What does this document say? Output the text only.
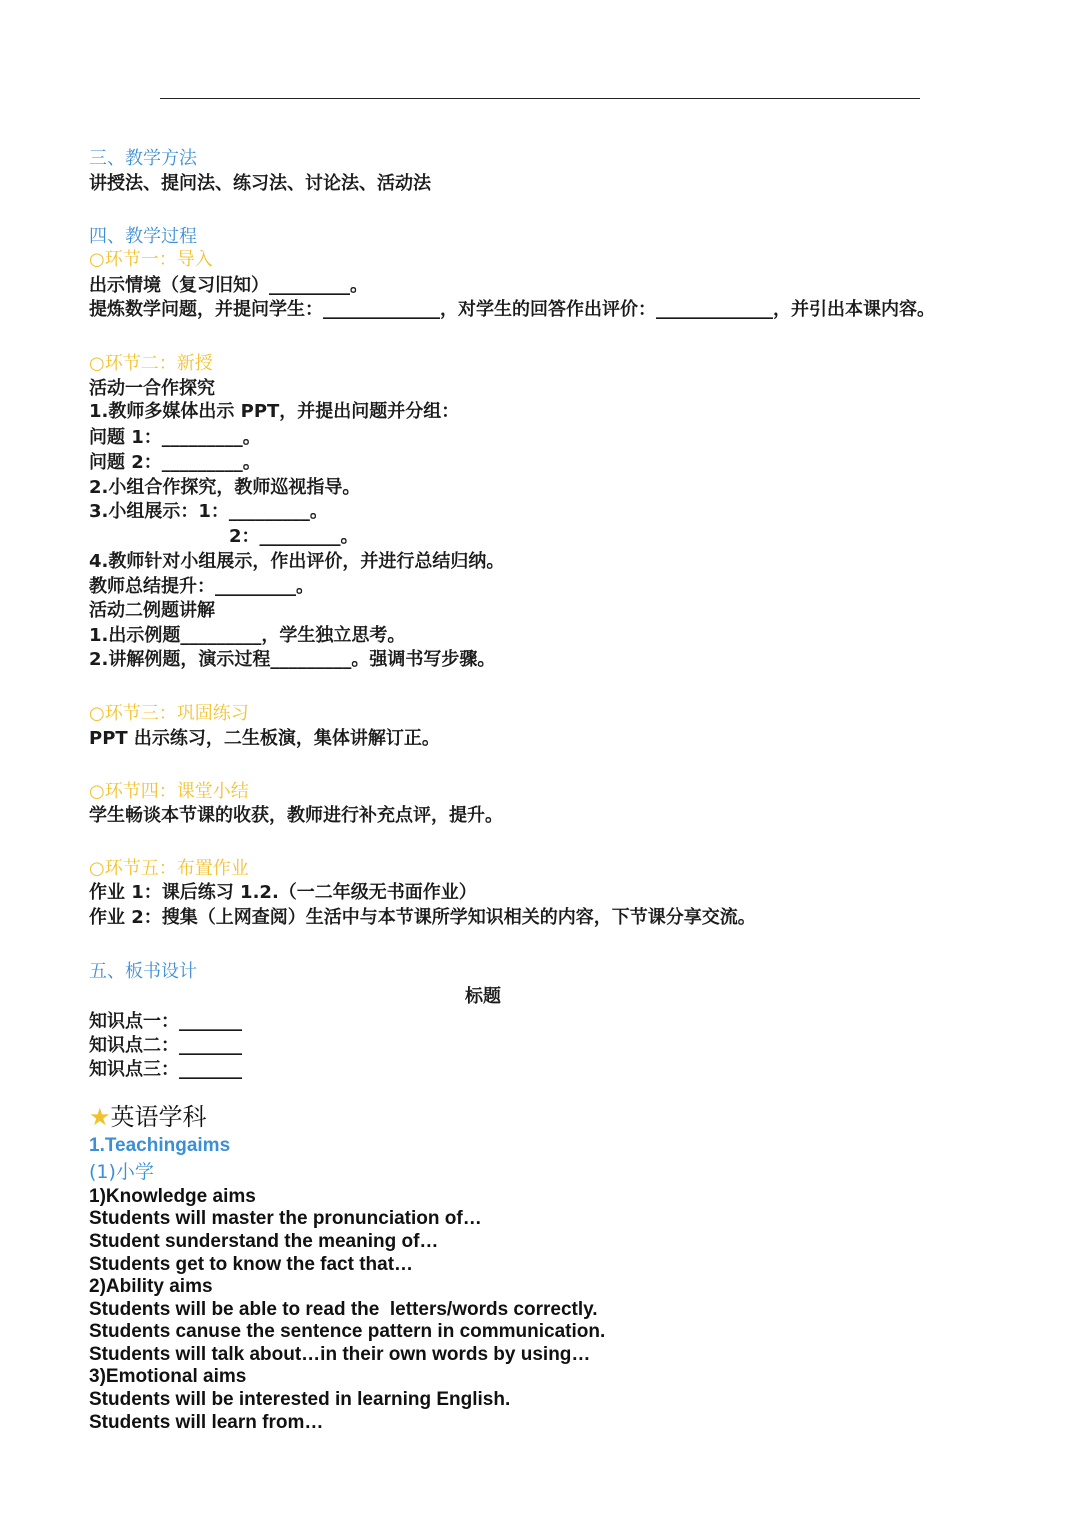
三、教学方法
讲授法、提问法、练习法、讨论法、活动法
四、教学过程
○环节一：导入
出示情境（复习旧知）_________。
提炼数学问题，并提问学生：_____________，对学生的回答作出评价：_____________，并引出本课内容。
○环节二：新授
活动一合作探究
1.教师多媒体出示 PPT，并提出问题并分组：
问题 1：_________。
问题 2：_________。
2.小组合作探究，教师巡视指导。
3.小组展示：1：_________。
2：_________。
4.教师针对小组展示，作出评价，并进行总结归纳。
教师总结提升：_________。
活动二例题讲解
1.出示例题_________，学生独立思考。
2.讲解例题，演示过程_________。强调书写步骤。
○环节三：巩固练习
PPT 出示练习，二生板演，集体讲解订正。
○环节四：课堂小结
学生畅谈本节课的收获，教师进行补充点评，提升。
○环节五：布置作业
作业 1：课后练习 1.2.（一二年级无书面作业）
作业 2：搜集（上网查阅）生活中与本节课所学知识相关的内容，下节课分享交流。
五、板书设计
标题
知识点一：_______
知识点二：_______
知识点三：_______
★英语学科
1.Teachingaims
(1)小学
1)Knowledge aims
Students will master the pronunciation of…
Student sunderstand the meaning of…
Students get to know the fact that…
2)Ability aims
Students will be able to read the  letters/words correctly.
Students canuse the sentence pattern in communication.
Students will talk about…in their own words by using…
3)Emotional aims
Students will be interested in learning English.
Students will learn from…
